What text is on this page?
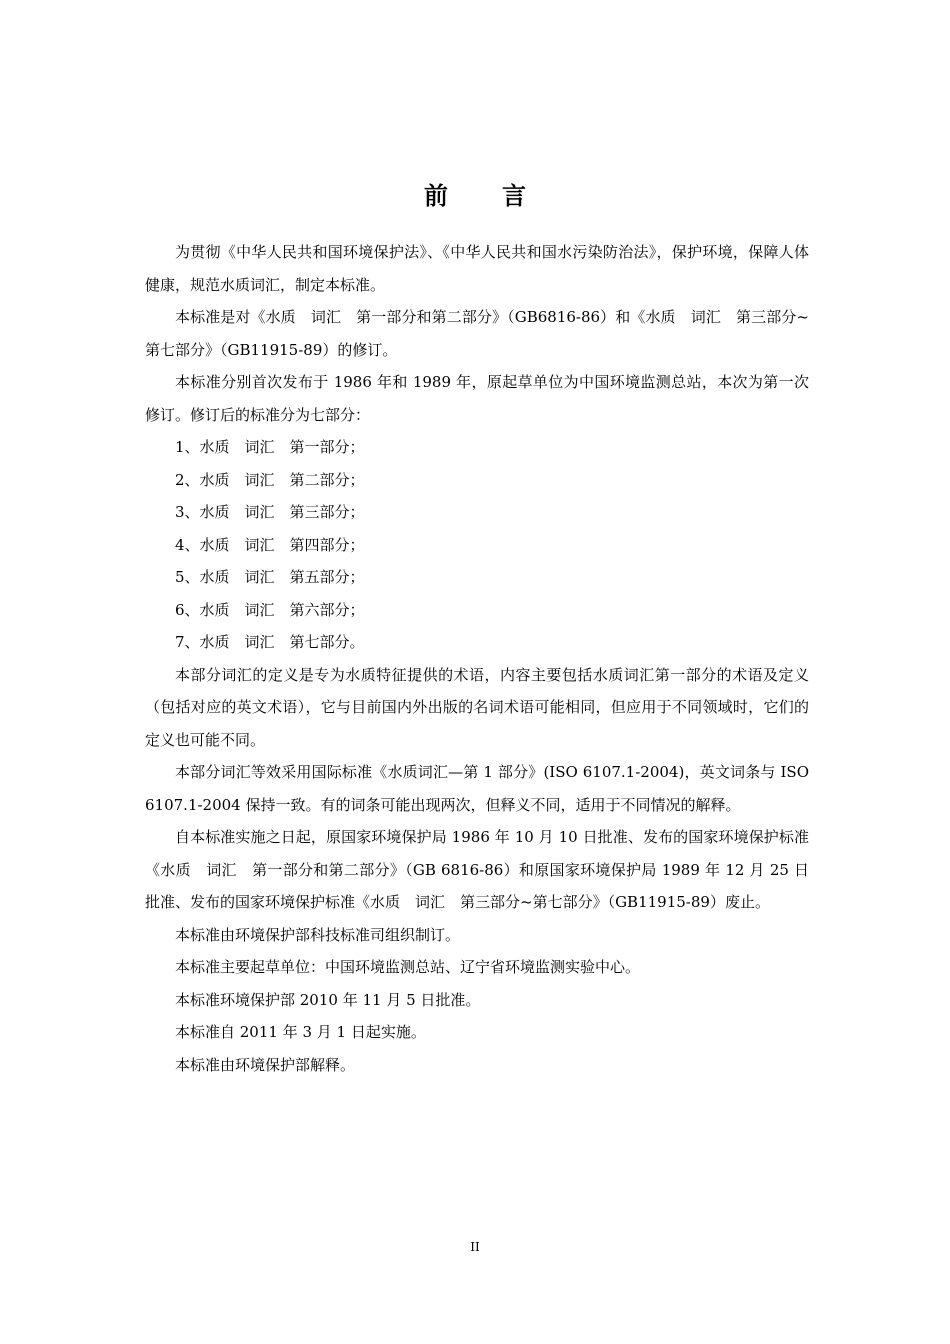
前 言

为贯彻《中华人民共和国环境保护法》、《中华人民共和国水污染防治法》，保护环境，保障人体健康，规范水质词汇，制定本标准。

本标准是对《水质　词汇　第一部分和第二部分》（GB6816-86）和《水质　词汇　第三部分~第七部分》（GB11915-89）的修订。

本标准分别首次发布于 1986 年和 1989 年，原起草单位为中国环境监测总站，本次为第一次修订。修订后的标准分为七部分：

1、水质　词汇　第一部分；

2、水质　词汇　第二部分；

3、水质　词汇　第三部分；

4、水质　词汇　第四部分；

5、水质　词汇　第五部分；

6、水质　词汇　第六部分；

7、水质　词汇　第七部分。

本部分词汇的定义是专为水质特征提供的术语，内容主要包括水质词汇第一部分的术语及定义（包括对应的英文术语），它与目前国内外出版的名词术语可能相同，但应用于不同领域时，它们的定义也可能不同。

本部分词汇等效采用国际标准《水质词汇—第 1 部分》(ISO 6107.1-2004)，英文词条与 ISO 6107.1-2004 保持一致。有的词条可能出现两次，但释义不同，适用于不同情况的解释。

自本标准实施之日起，原国家环境保护局 1986 年 10 月 10 日批准、发布的国家环境保护标准《水质　词汇　第一部分和第二部分》（GB 6816-86）和原国家环境保护局 1989 年 12 月 25 日批准、发布的国家环境保护标准《水质　词汇　第三部分~第七部分》（GB11915-89）废止。

本标准由环境保护部科技标准司组织制订。

本标准主要起草单位：中国环境监测总站、辽宁省环境监测实验中心。

本标准环境保护部 2010 年 11 月 5 日批准。

本标准自 2011 年 3 月 1 日起实施。

本标准由环境保护部解释。

II
